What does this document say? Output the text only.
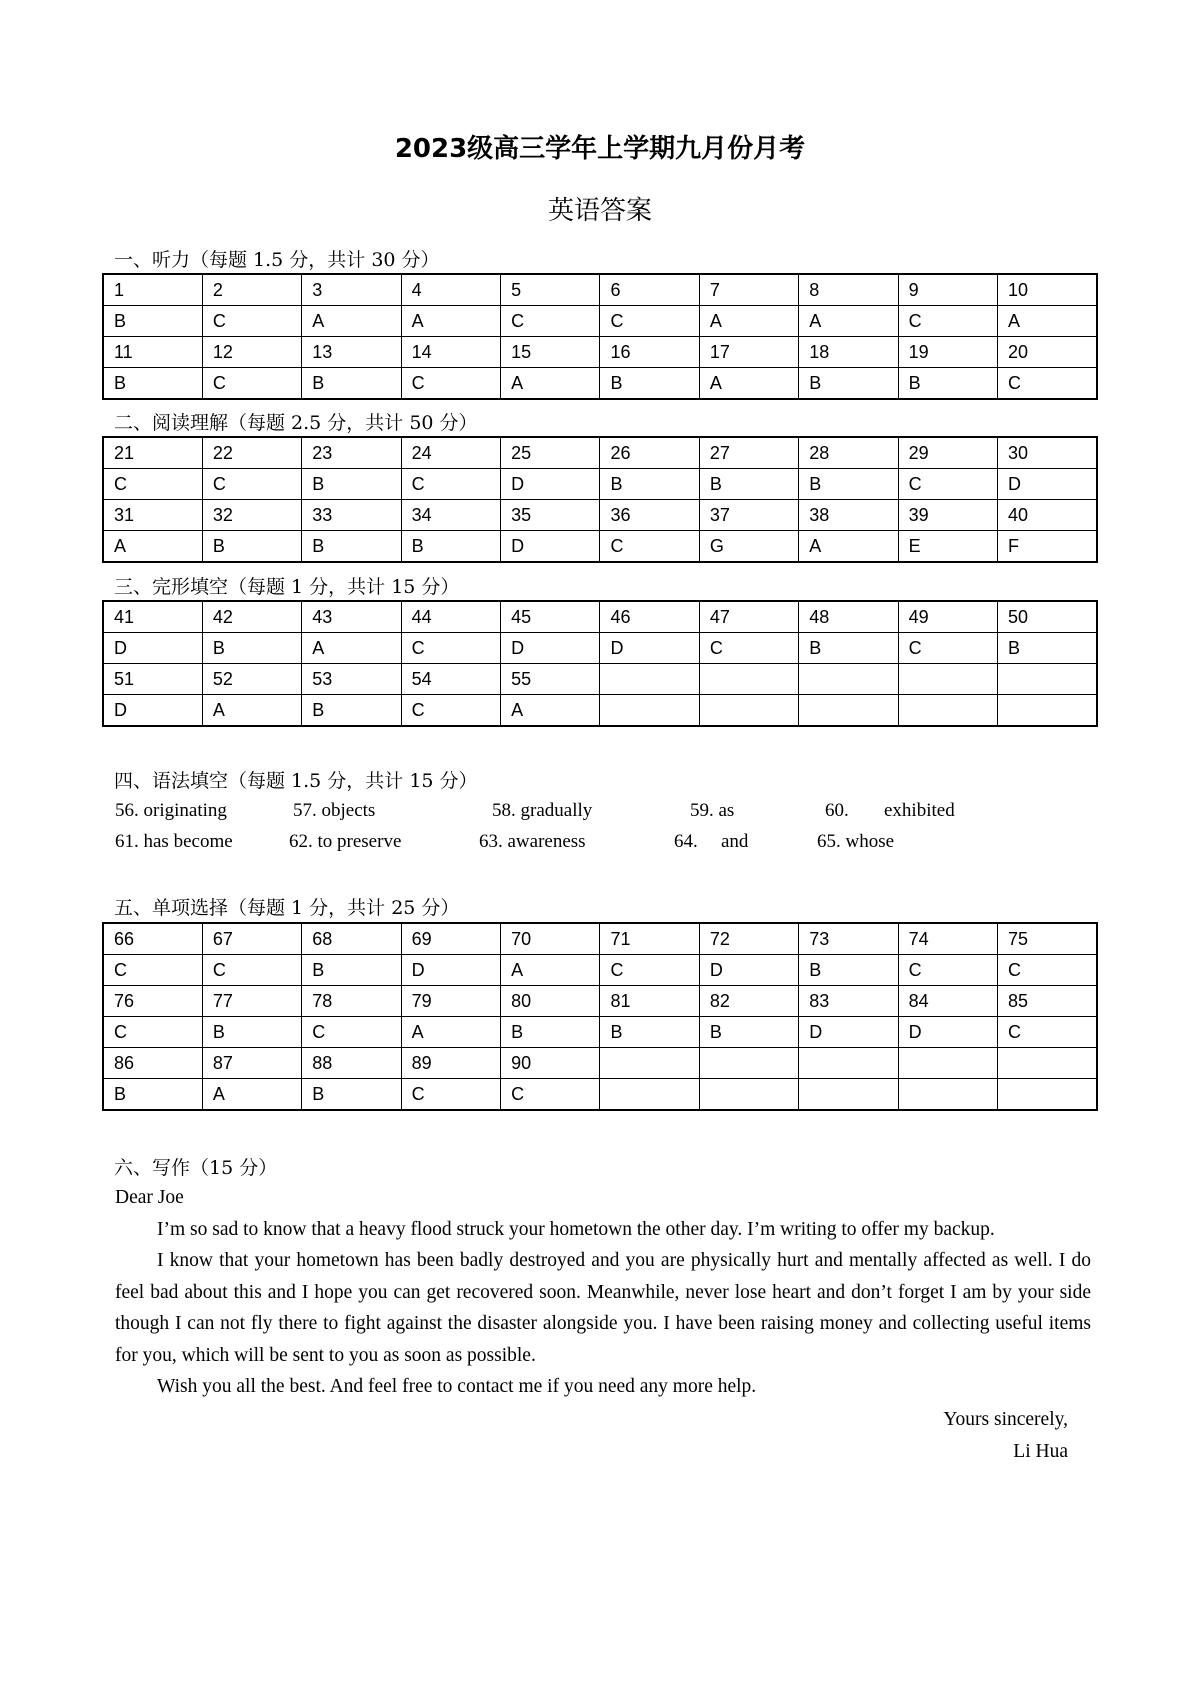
2023级高三学年上学期九月份月考
英语答案
一、听力（每题 1.5 分，共计 30 分）
1	2	3	4	5	6	7	8	9	10
B	C	A	A	C	C	A	A	C	A
11	12	13	14	15	16	17	18	19	20
B	C	B	C	A	B	A	B	B	C
二、阅读理解（每题 2.5 分，共计 50 分）
21	22	23	24	25	26	27	28	29	30
C	C	B	C	D	B	B	B	C	D
31	32	33	34	35	36	37	38	39	40
A	B	B	B	D	C	G	A	E	F
三、完形填空（每题 1 分，共计 15 分）
41	42	43	44	45	46	47	48	49	50
D	B	A	C	D	D	C	B	C	B
51	52	53	54	55					
D	A	B	C	A					
四、语法填空（每题 1.5 分，共计 15 分）
56. originating	57. objects	58. gradually	59. as	60. exhibited
61. has become	62. to preserve	63. awareness	64. and	65. whose
五、单项选择（每题 1 分，共计 25 分）
66	67	68	69	70	71	72	73	74	75
C	C	B	D	A	C	D	B	C	C
76	77	78	79	80	81	82	83	84	85
C	B	C	A	B	B	B	D	D	C
86	87	88	89	90					
B	A	B	C	C					
六、写作（15 分）

Dear Joe

I’m so sad to know that a heavy flood struck your hometown the other day. I’m writing to offer my backup.

I know that your hometown has been badly destroyed and you are physically hurt and mentally affected as well. I do feel bad about this and I hope you can get recovered soon. Meanwhile, never lose heart and don’t forget I am by your side though I can not fly there to fight against the disaster alongside you. I have been raising money and collecting useful items for you, which will be sent to you as soon as possible.

Wish you all the best. And feel free to contact me if you need any more help.

Yours sincerely,
Li Hua
